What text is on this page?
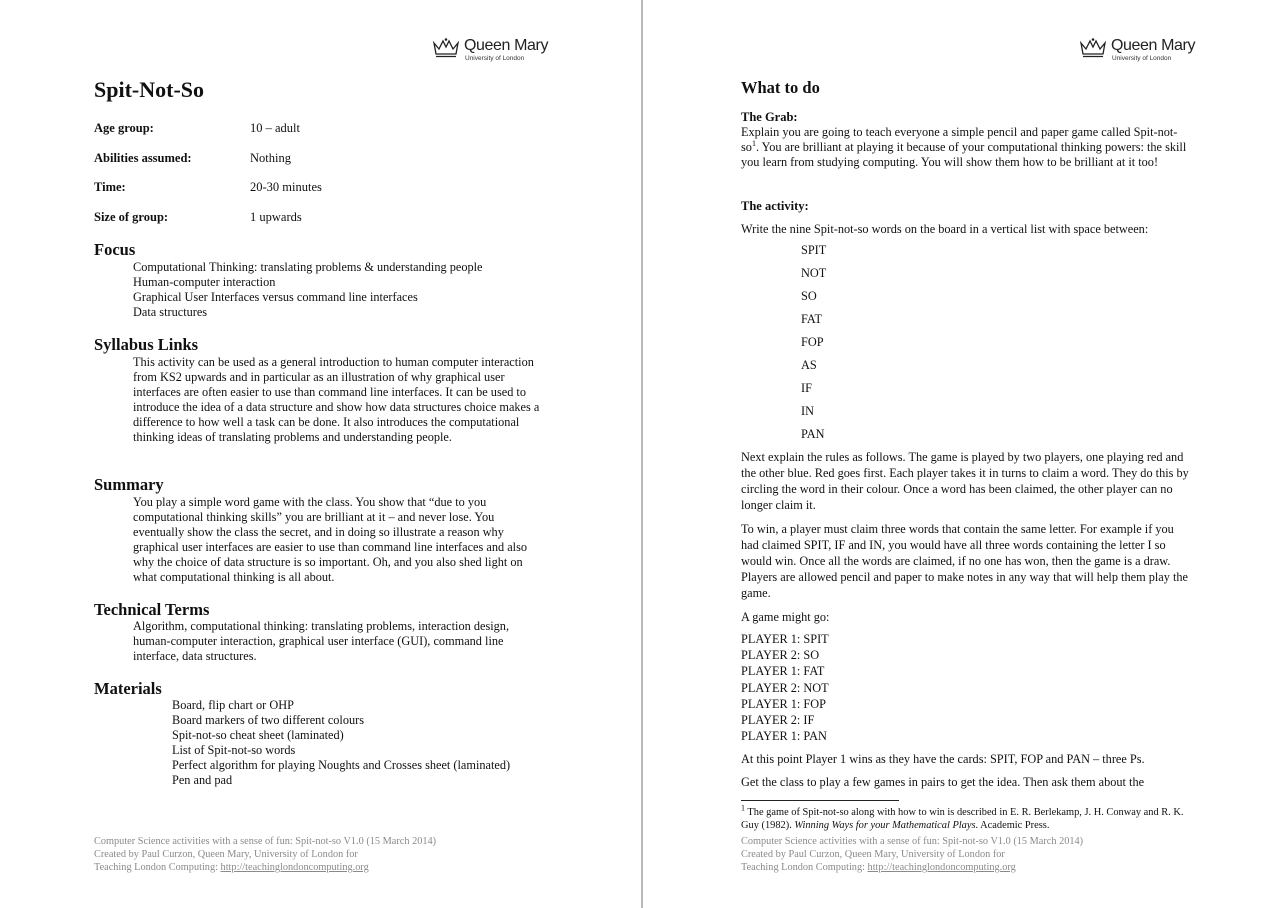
Queen Mary
University of London
Spit-Not-So
Age group:	10 – adult
Abilities assumed:	Nothing
Time:	20-30 minutes
Size of group:	1 upwards
Focus
Computational Thinking: translating problems & understanding people
Human-computer interaction
Graphical User Interfaces versus command line interfaces
Data structures
Syllabus Links

This activity can be used as a general introduction to human computer interaction from KS2 upwards and in particular as an illustration of why graphical user interfaces are often easier to use than command line interfaces. It can be used to introduce the idea of a data structure and show how data structures choice makes a difference to how well a task can be done. It also introduces the computational thinking ideas of translating problems and understanding people.

Summary

You play a simple word game with the class. You show that “due to you computational thinking skills” you are brilliant at it – and never lose. You eventually show the class the secret, and in doing so illustrate a reason why graphical user interfaces are easier to use than command line interfaces and also why the choice of data structure is so important. Oh, and you also shed light on what computational thinking is all about.

Technical Terms

Algorithm, computational thinking: translating problems, interaction design, human-computer interaction, graphical user interface (GUI), command line interface, data structures.

Materials
Board, flip chart or OHP
Board markers of two different colours
Spit-not-so cheat sheet (laminated)
List of Spit-not-so words
Perfect algorithm for playing Noughts and Crosses sheet (laminated)
Pen and pad
Computer Science activities with a sense of fun: Spit-not-so V1.0 (15 March 2014)
Created by Paul Curzon, Queen Mary, University of London for
Teaching London Computing: http://teachinglondoncomputing.org
Queen Mary
University of London
What to do
The Grab:

Explain you are going to teach everyone a simple pencil and paper game called Spit-$not-so^1$. You are brilliant at playing it because of your computational thinking powers: the skill you learn from studying computing. You will show them how to be brilliant at it too!

The activity:

Write the nine Spit-not-so words on the board in a vertical list with space between:

SPIT
NOT
SO
FAT
FOP
AS
IF
IN
PAN

Next explain the rules as follows. The game is played by two players, one playing red and the other blue. Red goes first. Each player takes it in turns to claim a word. They do this by circling the word in their colour. Once a word has been claimed, the other player can no longer claim it.

To win, a player must claim three words that contain the same letter. For example if you had claimed SPIT, IF and IN, you would have all three words containing the letter I so would win. Once all the words are claimed, if no one has won, then the game is a draw. Players are allowed pencil and paper to make notes in any way that will help them play the game.

A game might go:

PLAYER 1: SPIT
PLAYER 2: SO
PLAYER 1: FAT
PLAYER 2: NOT
PLAYER 1: FOP
PLAYER 2: IF
PLAYER 1: PAN

At this point Player 1 wins as they have the cards: SPIT, FOP and PAN – three Ps.

Get the class to play a few games in pairs to get the idea. Then ask them about the

$^1$ The game of Spit-not-so along with how to win is described in E. R. Berlekamp, J. H. Conway and R. K. Guy (1982). Winning Ways for your Mathematical Plays. Academic Press.

Computer Science activities with a sense of fun: Spit-not-so V1.0 (15 March 2014)
Created by Paul Curzon, Queen Mary, University of London for
Teaching London Computing: http://teachinglondoncomputing.org
